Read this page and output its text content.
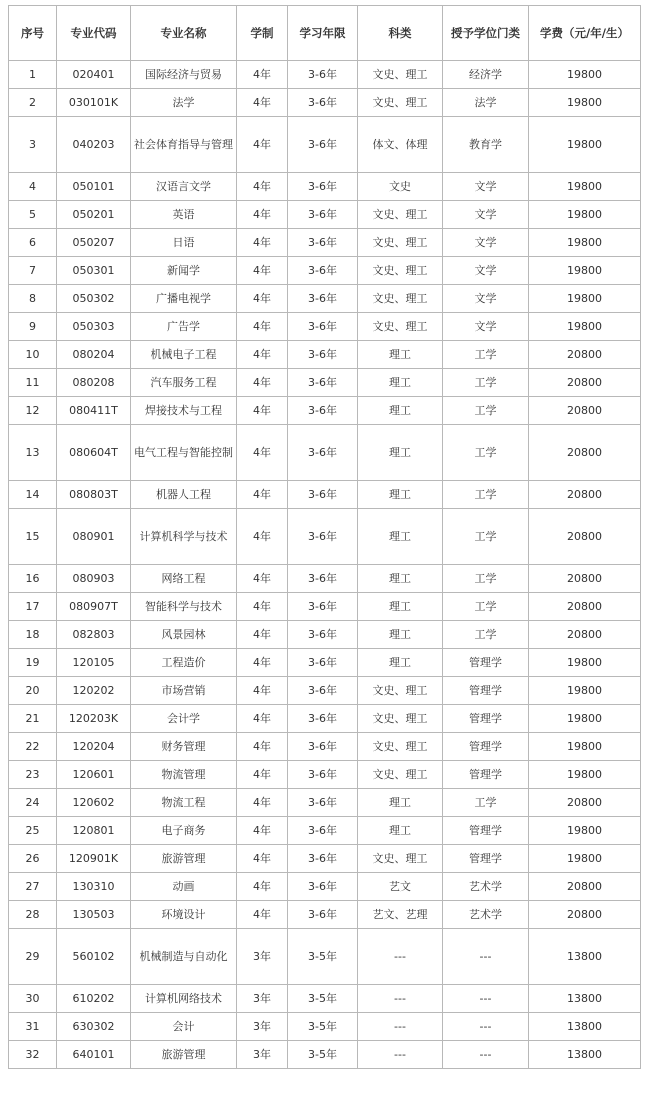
序号	专业代码	专业名称	学制	学习年限	科类	授予学位门类	学费（元/年/生）
1	020401	国际经济与贸易	4年	3-6年	文史、理工	经济学	19800
2	030101K	法学	4年	3-6年	文史、理工	法学	19800
3	040203	社会体育指导与管理	4年	3-6年	体文、体理	教育学	19800
4	050101	汉语言文学	4年	3-6年	文史	文学	19800
5	050201	英语	4年	3-6年	文史、理工	文学	19800
6	050207	日语	4年	3-6年	文史、理工	文学	19800
7	050301	新闻学	4年	3-6年	文史、理工	文学	19800
8	050302	广播电视学	4年	3-6年	文史、理工	文学	19800
9	050303	广告学	4年	3-6年	文史、理工	文学	19800
10	080204	机械电子工程	4年	3-6年	理工	工学	20800
11	080208	汽车服务工程	4年	3-6年	理工	工学	20800
12	080411T	焊接技术与工程	4年	3-6年	理工	工学	20800
13	080604T	电气工程与智能控制	4年	3-6年	理工	工学	20800
14	080803T	机器人工程	4年	3-6年	理工	工学	20800
15	080901	计算机科学与技术	4年	3-6年	理工	工学	20800
16	080903	网络工程	4年	3-6年	理工	工学	20800
17	080907T	智能科学与技术	4年	3-6年	理工	工学	20800
18	082803	风景园林	4年	3-6年	理工	工学	20800
19	120105	工程造价	4年	3-6年	理工	管理学	19800
20	120202	市场营销	4年	3-6年	文史、理工	管理学	19800
21	120203K	会计学	4年	3-6年	文史、理工	管理学	19800
22	120204	财务管理	4年	3-6年	文史、理工	管理学	19800
23	120601	物流管理	4年	3-6年	文史、理工	管理学	19800
24	120602	物流工程	4年	3-6年	理工	工学	20800
25	120801	电子商务	4年	3-6年	理工	管理学	19800
26	120901K	旅游管理	4年	3-6年	文史、理工	管理学	19800
27	130310	动画	4年	3-6年	艺文	艺术学	20800
28	130503	环境设计	4年	3-6年	艺文、艺理	艺术学	20800
29	560102	机械制造与自动化	3年	3-5年	---	---	13800
30	610202	计算机网络技术	3年	3-5年	---	---	13800
31	630302	会计	3年	3-5年	---	---	13800
32	640101	旅游管理	3年	3-5年	---	---	13800
